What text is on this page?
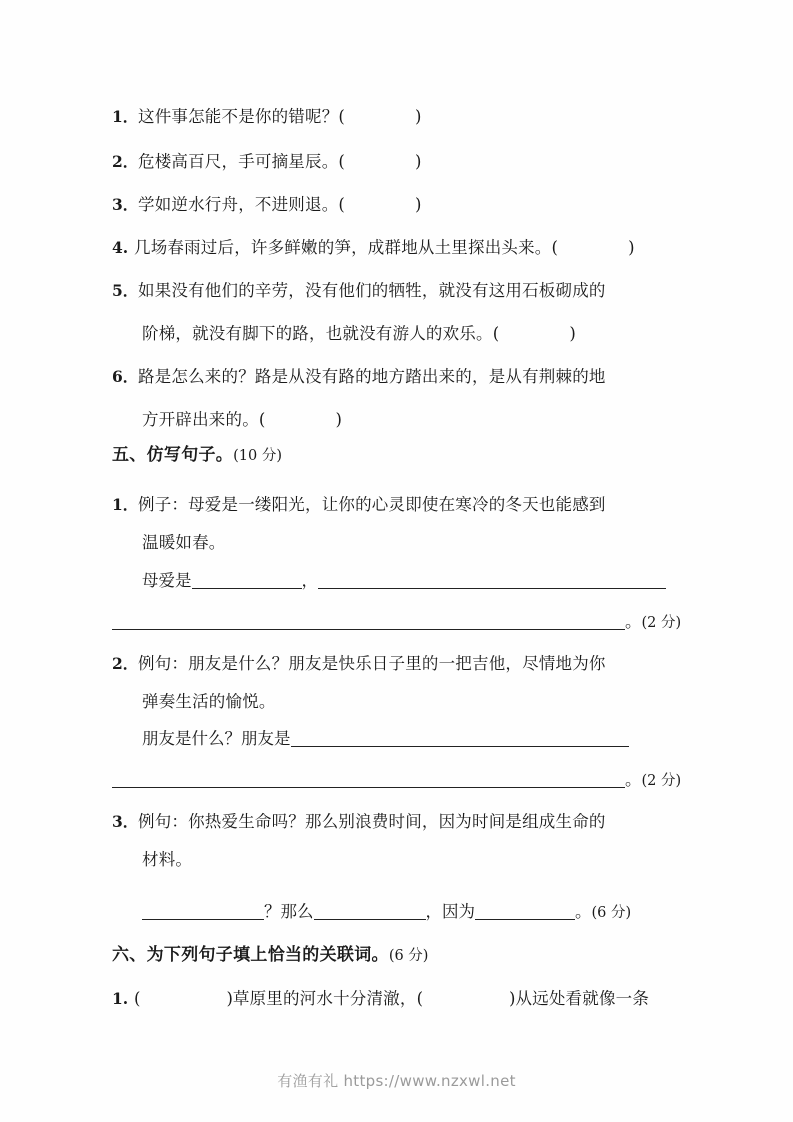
1．这件事怎能不是你的错呢？(	)
2．危楼高百尺，手可摘星辰。(	)
3．学如逆水行舟，不进则退。(	)
4. 几场春雨过后，许多鲜嫩的笋，成群地从土里探出头来。(	)
5．如果没有他们的辛劳，没有他们的牺牲，就没有这用石板砌成的
阶梯，就没有脚下的路，也就没有游人的欢乐。(	)
6．路是怎么来的？路是从没有路的地方踏出来的，是从有荆棘的地
方开辟出来的。(	)
五、仿写句子。(10 分)
1．例子：母爱是一缕阳光，让你的心灵即使在寒冷的冬天也能感到
温暖如春。
母爱是	，
。(2 分)
2．例句：朋友是什么？朋友是快乐日子里的一把吉他，尽情地为你
弹奏生活的愉悦。
朋友是什么？朋友是
。(2 分)
3．例句：你热爱生命吗？那么别浪费时间，因为时间是组成生命的
材料。
？那么	，因为	。(6 分)
六、为下列句子填上恰当的关联词。(6 分)
1. (	)草原里的河水十分清澈，(	)从远处看就像一条
有渔有礼 https://www.nzxwl.net
